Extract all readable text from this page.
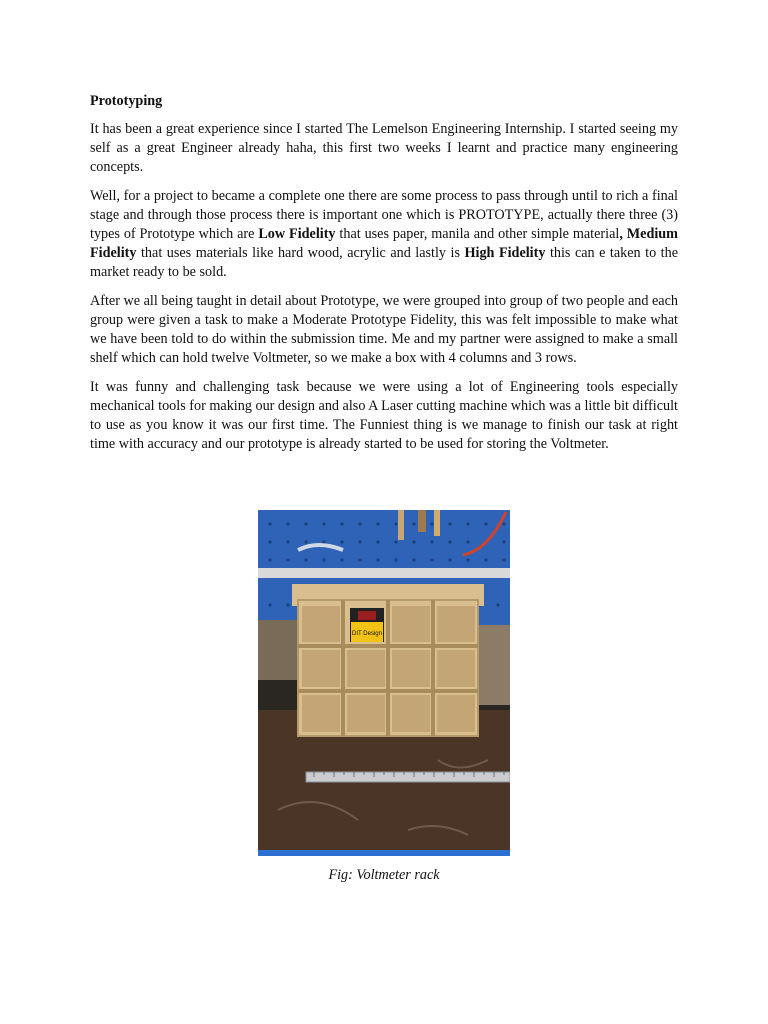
Prototyping

It has been a great experience since I started The Lemelson Engineering Internship. I started seeing my self as a great Engineer already haha, this first two weeks I learnt and practice many engineering concepts.

Well, for a project to became a complete one there are some process to pass through until to rich a final stage and through those process there is important one which is PROTOTYPE, actually there three (3) types of Prototype which are Low Fidelity that uses paper, manila and other simple material, Medium Fidelity that uses materials like hard wood, acrylic and lastly is High Fidelity this can e taken to the market ready to be sold.

After we all being taught in detail about Prototype, we were grouped into group of two people and each group were given a task to make a Moderate Prototype Fidelity, this was felt impossible to make what we have been told to do within the submission time. Me and my partner were assigned to make a small shelf which can hold twelve Voltmeter, so we make a box with 4 columns and 3 rows.

It was funny and challenging task because we were using a lot of Engineering tools especially mechanical tools for making our design and also A Laser cutting machine which was a little bit difficult to use as you know it was our first time. The Funniest thing is we manage to finish our task at right time with accuracy and our prototype is already started to be used for storing the Voltmeter.

DIT Design
Fig: Voltmeter rack
